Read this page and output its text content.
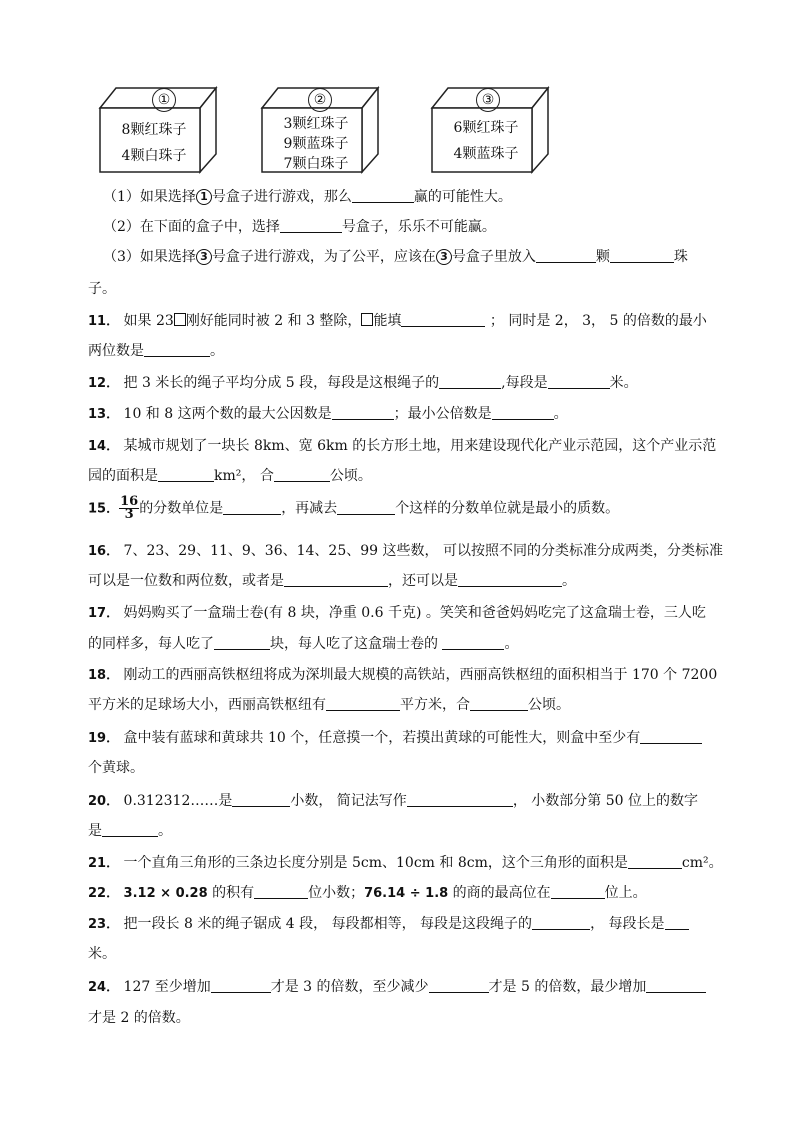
①
8颗红珠子
4颗白珠子
②
3颗红珠子
9颗蓝珠子
7颗白珠子
③
6颗红珠子
4颗蓝珠子
（1）如果选择 1 号盒子进行游戏，那么	赢的可能性大。
（2）在下面的盒子中，选择	号盒子，乐乐不可能赢。
（3）如果选择 3 号盒子进行游戏，为了公平，应该在 3 号盒子里放入	颗	珠
子。
11． 如果 23 刚好能同时被 2 和 3 整除， 能填	； 同时是 2， 3， 5 的倍数的最小
两位数是	。
12． 把 3 米长的绳子平均分成 5 段，每段是这根绳子的	,每段是	米。
13． 10 和 8 这两个数的最大公因数是	；最小公倍数是	。
14． 某城市规划了一块长 8km、宽 6km 的长方形土地，用来建设现代化产业示范园，这个产业示范
园的面积是	km²， 合	公顷。
15． $\frac{16}{3}$ 的分数单位是	，再减去	个这样的分数单位就是最小的质数。
16． 7、23、29、11、9、36、14、25、99 这些数， 可以按照不同的分类标准分成两类，分类标准
可以是一位数和两位数，或者是	，还可以是	。
17． 妈妈购买了一盒瑞士卷(有 8 块，净重 0.6 千克) 。笑笑和爸爸妈妈吃完了这盒瑞士卷，三人吃
的同样多，每人吃了	块，每人吃了这盒瑞士卷的	。
18． 刚动工的西丽高铁枢纽将成为深圳最大规模的高铁站，西丽高铁枢纽的面积相当于 170 个 7200
平方米的足球场大小，西丽高铁枢纽有	平方米，合	公顷。
19． 盒中装有蓝球和黄球共 10 个，任意摸一个，若摸出黄球的可能性大，则盒中至少有
个黄球。
20． 0.312312……是	小数， 简记法写作	， 小数部分第 50 位上的数字
是	。
21． 一个直角三角形的三条边长度分别是 5cm、10cm 和 8cm，这个三角形的面积是	cm²。
22． 3.12 × 0.28 的积有	位小数；76.14 ÷ 1.8 的商的最高位在	位上。
23． 把一段长 8 米的绳子锯成 4 段， 每段都相等， 每段是这段绳子的	， 每段长是
米。
24． 127 至少增加	才是 3 的倍数，至少减少	才是 5 的倍数，最少增加
才是 2 的倍数。
